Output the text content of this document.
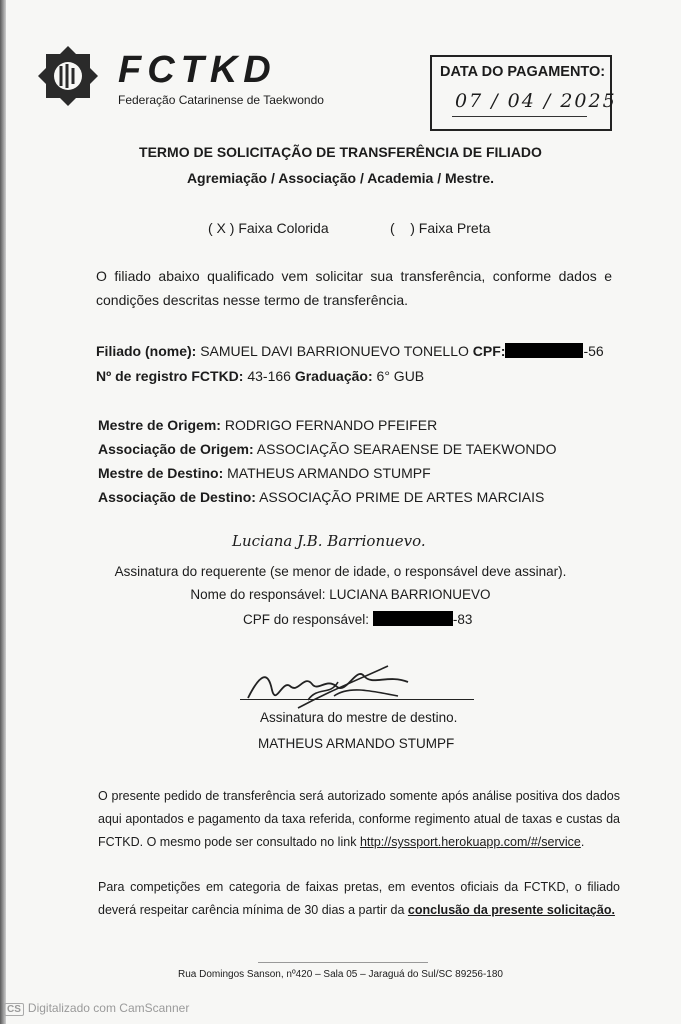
FCTKD
Federação Catarinense de Taekwondo
DATA DO PAGAMENTO:
07 / 04 / 2025
TERMO DE SOLICITAÇÃO DE TRANSFERÊNCIA DE FILIADO
Agremiação / Associação / Academia / Mestre.
( X ) Faixa Colorida	(    ) Faixa Preta
O filiado abaixo qualificado vem solicitar sua transferência, conforme dados e condições descritas nesse termo de transferência.
Filiado (nome): SAMUEL DAVI BARRIONUEVO TONELLO CPF:	-56
Nº de registro FCTKD: 43-166 Graduação: 6° GUB
Mestre de Origem: RODRIGO FERNANDO PFEIFER
Associação de Origem: ASSOCIAÇÃO SEARAENSE DE TAEKWONDO
Mestre de Destino: MATHEUS ARMANDO STUMPF
Associação de Destino: ASSOCIAÇÃO PRIME DE ARTES MARCIAIS
Luciana J.B. Barrionuevo.
Assinatura do requerente (se menor de idade, o responsável deve assinar).
Nome do responsável: LUCIANA BARRIONUEVO
CPF do responsável:	-83
Assinatura do mestre de destino.
MATHEUS ARMANDO STUMPF
O presente pedido de transferência será autorizado somente após análise positiva dos dados aqui apontados e pagamento da taxa referida, conforme regimento atual de taxas e custas da FCTKD. O mesmo pode ser consultado no link http://syssport.herokuapp.com/#/service.
Para competições em categoria de faixas pretas, em eventos oficiais da FCTKD, o filiado deverá respeitar carência mínima de 30 dias a partir da conclusão da presente solicitação.
Rua Domingos Sanson, nº420 – Sala 05 – Jaraguá do Sul/SC 89256-180
CS Digitalizado com CamScanner
